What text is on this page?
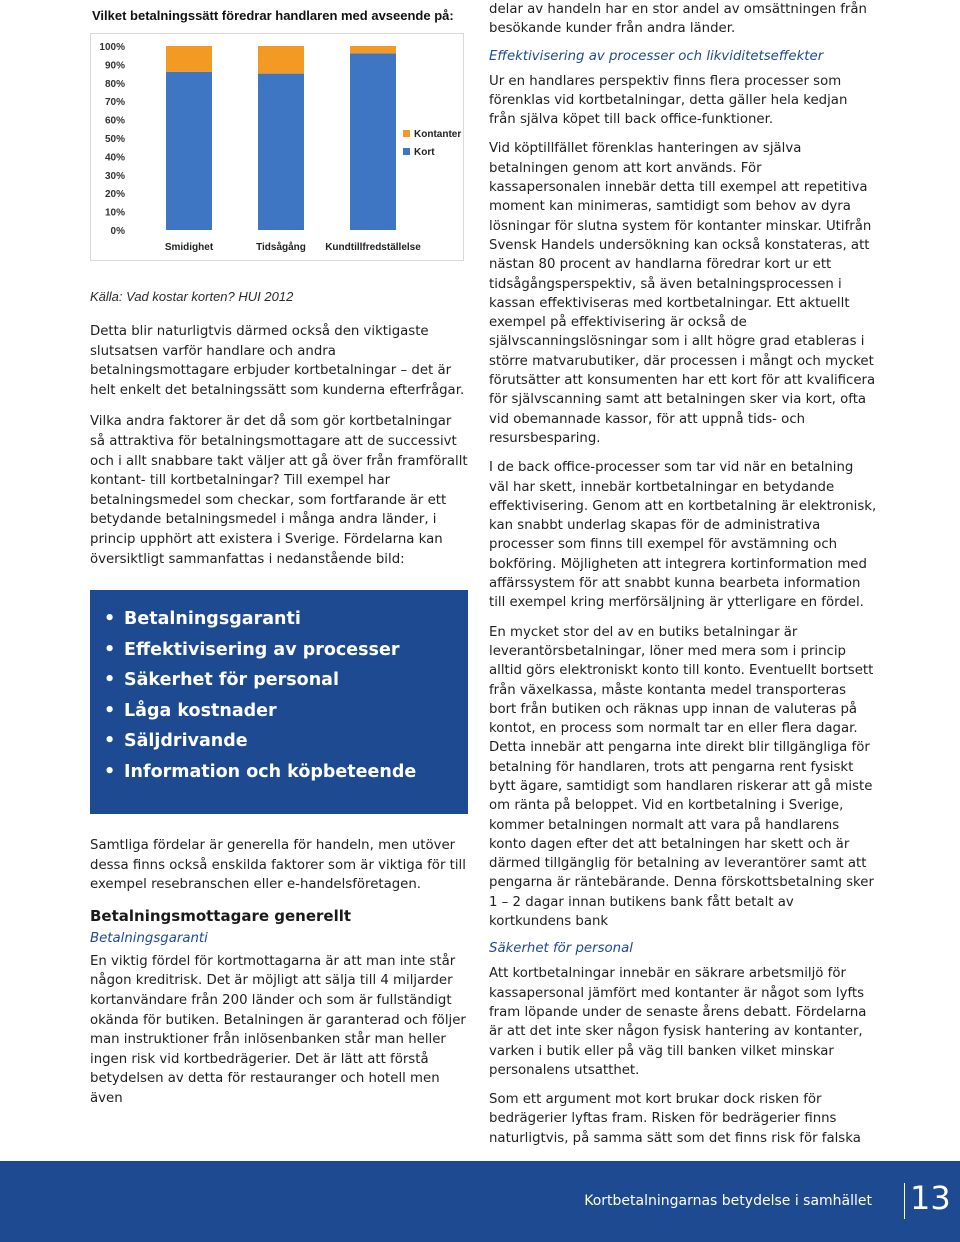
Vilket betalningssätt föredrar handlaren med avseende på:
0%
10%
20%
30%
40%
50%
60%
70%
80%
90%
100%
Smidighet	Tidsågång Kundtillfredställelse
Kontanter
Kort
Källa: Vad kostar korten? HUI 2012

Detta blir naturligtvis därmed också den viktigaste slutsatsen varför handlare och andra betalningsmottagare erbjuder kortbetalningar – det är helt enkelt det betalningssätt som kunderna efterfrågar.

Vilka andra faktorer är det då som gör kortbetalningar så attraktiva för betalningsmottagare att de successivt och i allt snabbare takt väljer att gå över från framförallt kontant- till kortbetalningar? Till exempel har betalningsmedel som checkar, som fortfarande är ett betydande betalningsmedel i många andra länder, i princip upphört att existera i Sverige. Fördelarna kan översiktligt sammanfattas i nedanstående bild:

• Betalningsgaranti
• Effektivisering av processer
• Säkerhet för personal
• Låga kostnader
• Säljdrivande
• Information och köpbeteende

Samtliga fördelar är generella för handeln, men utöver dessa finns också enskilda faktorer som är viktiga för till exempel resebranschen eller e-handelsföretagen.

Betalningsmottagare generellt
Betalningsgaranti

En viktig fördel för kortmottagarna är att man inte står någon kreditrisk. Det är möjligt att sälja till 4 miljarder kortanvändare från 200 länder och som är fullständigt okända för butiken. Betalningen är garanterad och följer man instruktioner från inlösenbanken står man heller ingen risk vid kortbedrägerier. Det är lätt att förstå betydelsen av detta för restauranger och hotell men även

delar av handeln har en stor andel av omsättningen från besökande kunder från andra länder.

Effektivisering av processer och likviditetseffekter

Ur en handlares perspektiv finns flera processer som förenklas vid kortbetalningar, detta gäller hela kedjan från själva köpet till back office-funktioner.

Vid köptillfället förenklas hanteringen av själva betalningen genom att kort används. För kassapersonalen innebär detta till exempel att repetitiva moment kan minimeras, samtidigt som behov av dyra lösningar för slutna system för kontanter minskar. Utifrån Svensk Handels undersökning kan också konstateras, att nästan 80 procent av handlarna föredrar kort ur ett tidsågångsperspektiv, så även betalningsprocessen i kassan effektiviseras med kortbetalningar. Ett aktuellt exempel på effektivisering är också de självscanningslösningar som i allt högre grad etableras i större matvarubutiker, där processen i mångt och mycket förutsätter att konsumenten har ett kort för att kvalificera för självscanning samt att betalningen sker via kort, ofta vid obemannade kassor, för att uppnå tids- och resursbesparing.

I de back office-processer som tar vid när en betalning väl har skett, innebär kortbetalningar en betydande effektivisering. Genom att en kortbetalning är elektronisk, kan snabbt underlag skapas för de administrativa processer som finns till exempel för avstämning och bokföring. Möjligheten att integrera kortinformation med affärssystem för att snabbt kunna bearbeta information till exempel kring merförsäljning är ytterligare en fördel.

En mycket stor del av en butiks betalningar är leverantörsbetalningar, löner med mera som i princip alltid görs elektroniskt konto till konto. Eventuellt bortsett från växelkassa, måste kontanta medel transporteras bort från butiken och räknas upp innan de valuteras på kontot, en process som normalt tar en eller flera dagar. Detta innebär att pengarna inte direkt blir tillgängliga för betalning för handlaren, trots att pengarna rent fysiskt bytt ägare, samtidigt som handlaren riskerar att gå miste om ränta på beloppet. Vid en kortbetalning i Sverige, kommer betalningen normalt att vara på handlarens konto dagen efter det att betalningen har skett och är därmed tillgänglig för betalning av leverantörer samt att pengarna är räntebärande. Denna förskottsbetalning sker 1 – 2 dagar innan butikens bank fått betalt av kortkundens bank

Säkerhet för personal

Att kortbetalningar innebär en säkrare arbetsmiljö för kassapersonal jämfört med kontanter är något som lyfts fram löpande under de senaste årens debatt. Fördelarna är att det inte sker någon fysisk hantering av kontanter, varken i butik eller på väg till banken vilket minskar personalens utsatthet.

Som ett argument mot kort brukar dock risken för bedrägerier lyftas fram. Risken för bedrägerier finns naturligtvis, på samma sätt som det finns risk för falska

Kortbetalningarnas betydelse i samhället 13
